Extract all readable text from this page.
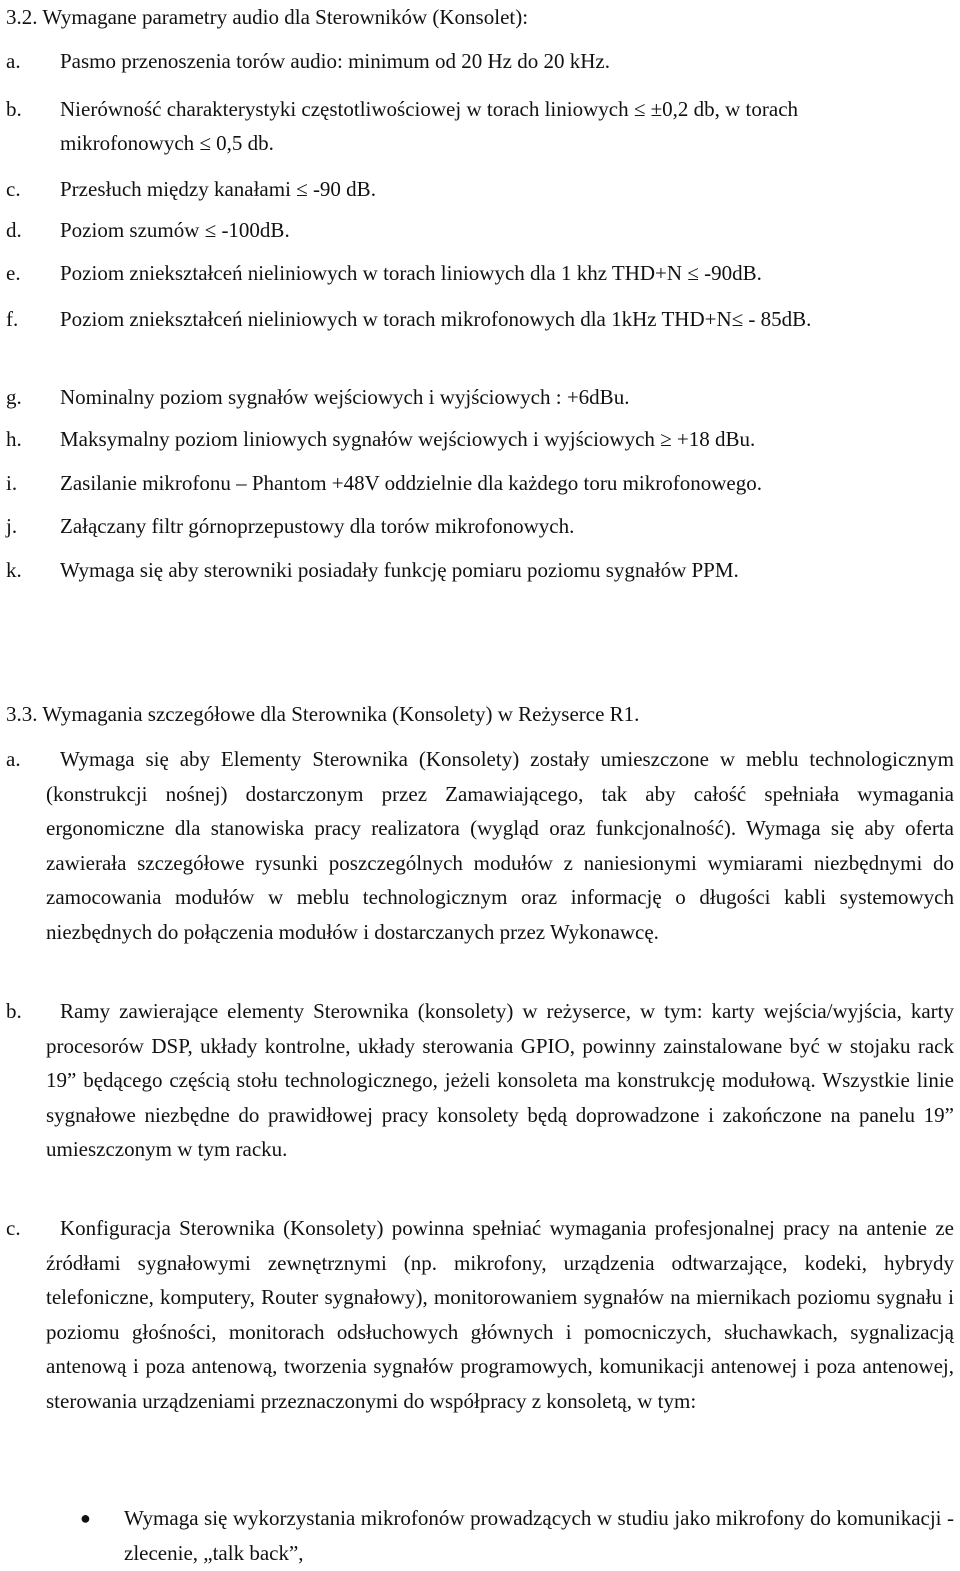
3.2. Wymagane parametry audio dla Sterowników (Konsolet):
a. Pasmo przenoszenia torów audio: minimum od 20 Hz do 20 kHz.
b. Nierówność charakterystyki częstotliwościowej w torach liniowych ≤ ±0,2 db, w torach mikrofonowych ≤ 0,5 db.
c. Przesłuch między kanałami ≤ -90 dB.
d. Poziom szumów ≤ -100dB.
e. Poziom zniekształceń nieliniowych w torach liniowych dla 1 khz THD+N ≤ -90dB.
f. Poziom zniekształceń nieliniowych w torach mikrofonowych dla 1kHz THD+N≤ - 85dB.
g. Nominalny poziom sygnałów wejściowych i wyjściowych : +6dBu.
h. Maksymalny poziom liniowych sygnałów wejściowych i wyjściowych ≥ +18 dBu.
i. Zasilanie mikrofonu – Phantom +48V oddzielnie dla każdego toru mikrofonowego.
j. Załączany filtr górnoprzepustowy dla torów mikrofonowych.
k. Wymaga się aby sterowniki posiadały funkcję pomiaru poziomu sygnałów PPM.
3.3. Wymagania szczegółowe dla Sterownika (Konsolety) w Reżyserce R1.
a.	Wymaga się aby Elementy Sterownika (Konsolety) zostały umieszczone w meblu technologicznym (konstrukcji nośnej) dostarczonym przez Zamawiającego, tak aby całość spełniała wymagania ergonomiczne dla stanowiska pracy realizatora (wygląd oraz funkcjonalność). Wymaga się aby oferta zawierała szczegółowe rysunki poszczególnych modułów z naniesionymi wymiarami niezbędnymi do zamocowania modułów w meblu technologicznym oraz informację o długości kabli systemowych niezbędnych do połączenia modułów i dostarczanych przez Wykonawcę.
b.	Ramy zawierające elementy Sterownika (konsolety) w reżyserce, w tym: karty wejścia/wyjścia, karty procesorów DSP, układy kontrolne, układy sterowania GPIO, powinny zainstalowane być w stojaku rack 19” będącego częścią stołu technologicznego, jeżeli konsoleta ma konstrukcję modułową. Wszystkie linie sygnałowe niezbędne do prawidłowej pracy konsolety będą doprowadzone i zakończone na panelu 19” umieszczonym w tym racku.
c.	Konfiguracja Sterownika (Konsolety) powinna spełniać wymagania profesjonalnej pracy na antenie ze źródłami sygnałowymi zewnętrznymi (np. mikrofony, urządzenia odtwarzające, kodeki, hybrydy telefoniczne, komputery, Router sygnałowy), monitorowaniem sygnałów na miernikach poziomu sygnału i poziomu głośności, monitorach odsłuchowych głównych i pomocniczych, słuchawkach, sygnalizacją antenową i poza antenową, tworzenia sygnałów programowych, komunikacji antenowej i poza antenowej, sterowania urządzeniami przeznaczonymi do współpracy z konsoletą, w tym:
● Wymaga się wykorzystania mikrofonów prowadzących w studiu jako mikrofony do komunikacji - zlecenie, „talk back”,
